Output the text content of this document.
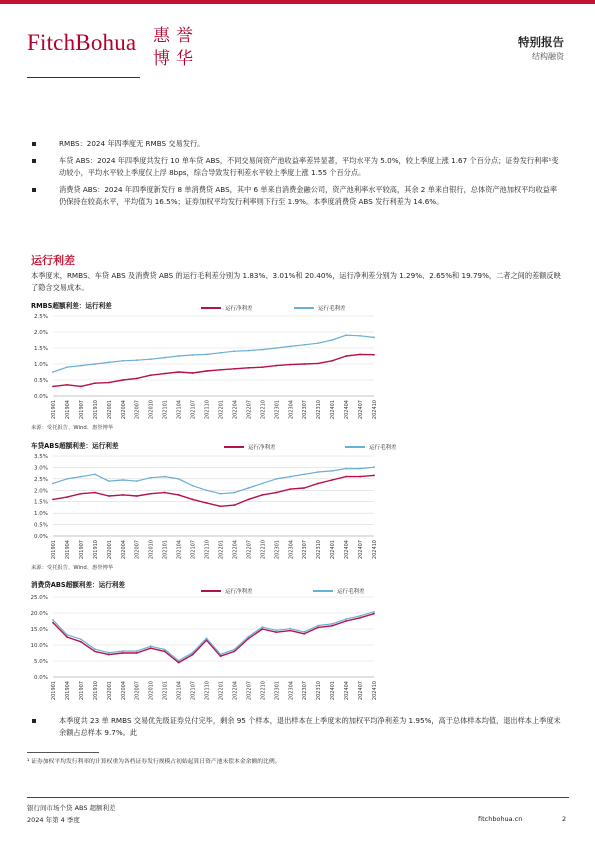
FitchBohua 惠 誉
博 华
特别报告
结构融资
RMBS：2024 年四季度无 RMBS 交易发行。
车贷 ABS：2024 年四季度共发行 10 单车贷 ABS，不同交易间资产池收益率差异显著，平均水平为 5.0%，较上季度上涨 1.67 个百分点；证券发行利率¹变动较小，平均水平较上季度仅上浮 8bps，综合导致发行利差水平较上季度上涨 1.55 个百分点。
消费贷 ABS：2024 年四季度新发行 8 单消费贷 ABS，其中 6 单来自消费金融公司，资产池利率水平较高，其余 2 单来自银行，总体资产池加权平均收益率仍保持在较高水平，平均值为 16.5%；证券加权平均发行利率则下行至 1.9%。本季度消费贷 ABS 发行利差为 14.6%。
运行利差
本季度末，RMBS、车贷 ABS 及消费贷 ABS 的运行毛利差分别为 1.83%、3.01%和 20.40%，运行净利差分别为 1.29%、2.65%和 19.79%，二者之间的差额反映了隐含交易成本。
RMBS超额利差：运行利差	运行净利差	运行毛利差
0.0%
0.5%
1.0%
1.5%
2.0%
2.5%
201901 201904 201907 201910 202001 202004 202007 202010 202101 202104 202107 202110 202201 202204 202207 202210 202301 202304 202307 202310 202401 202404 202407 202410
来源：受托报告、Wind、惠誉博华
车贷ABS超额利差：运行利差	运行净利差	运行毛利差
0.0%
0.5%
1.0%
1.5%
2.0%
2.5%
3.0%
3.5%
201901 201904 201907 201910 202001 202004 202007 202010 202101 202104 202107 202110 202201 202204 202207 202210 202301 202304 202307 202310 202401 202404 202407 202410
来源：受托报告、Wind、惠誉博华
消费贷ABS超额利差：运行利差
运行净利差	运行毛利差
0.0%
5.0%
10.0%
15.0%
20.0%
25.0%
201901 201904 201907 201910 202001 202004 202007 202010 202101 202104 202107 202110 202201 202204 202207 202210 202301 202304 202307 202310 202401 202404 202407 202410
本季度共 23 单 RMBS 交易优先级证券兑付完毕，剩余 95 个样本，退出样本在上季度末的加权平均净利差为 1.95%，高于总体样本均值，退出样本上季度末余额占总样本 9.7%。此
¹ 证券加权平均发行利率的计算权重为各档证券发行规模占初始起算日资产池未偿本金余额的比例。
银行间市场个贷 ABS 超额利差
2024 年第 4 季度	fitchbohua.cn	2
